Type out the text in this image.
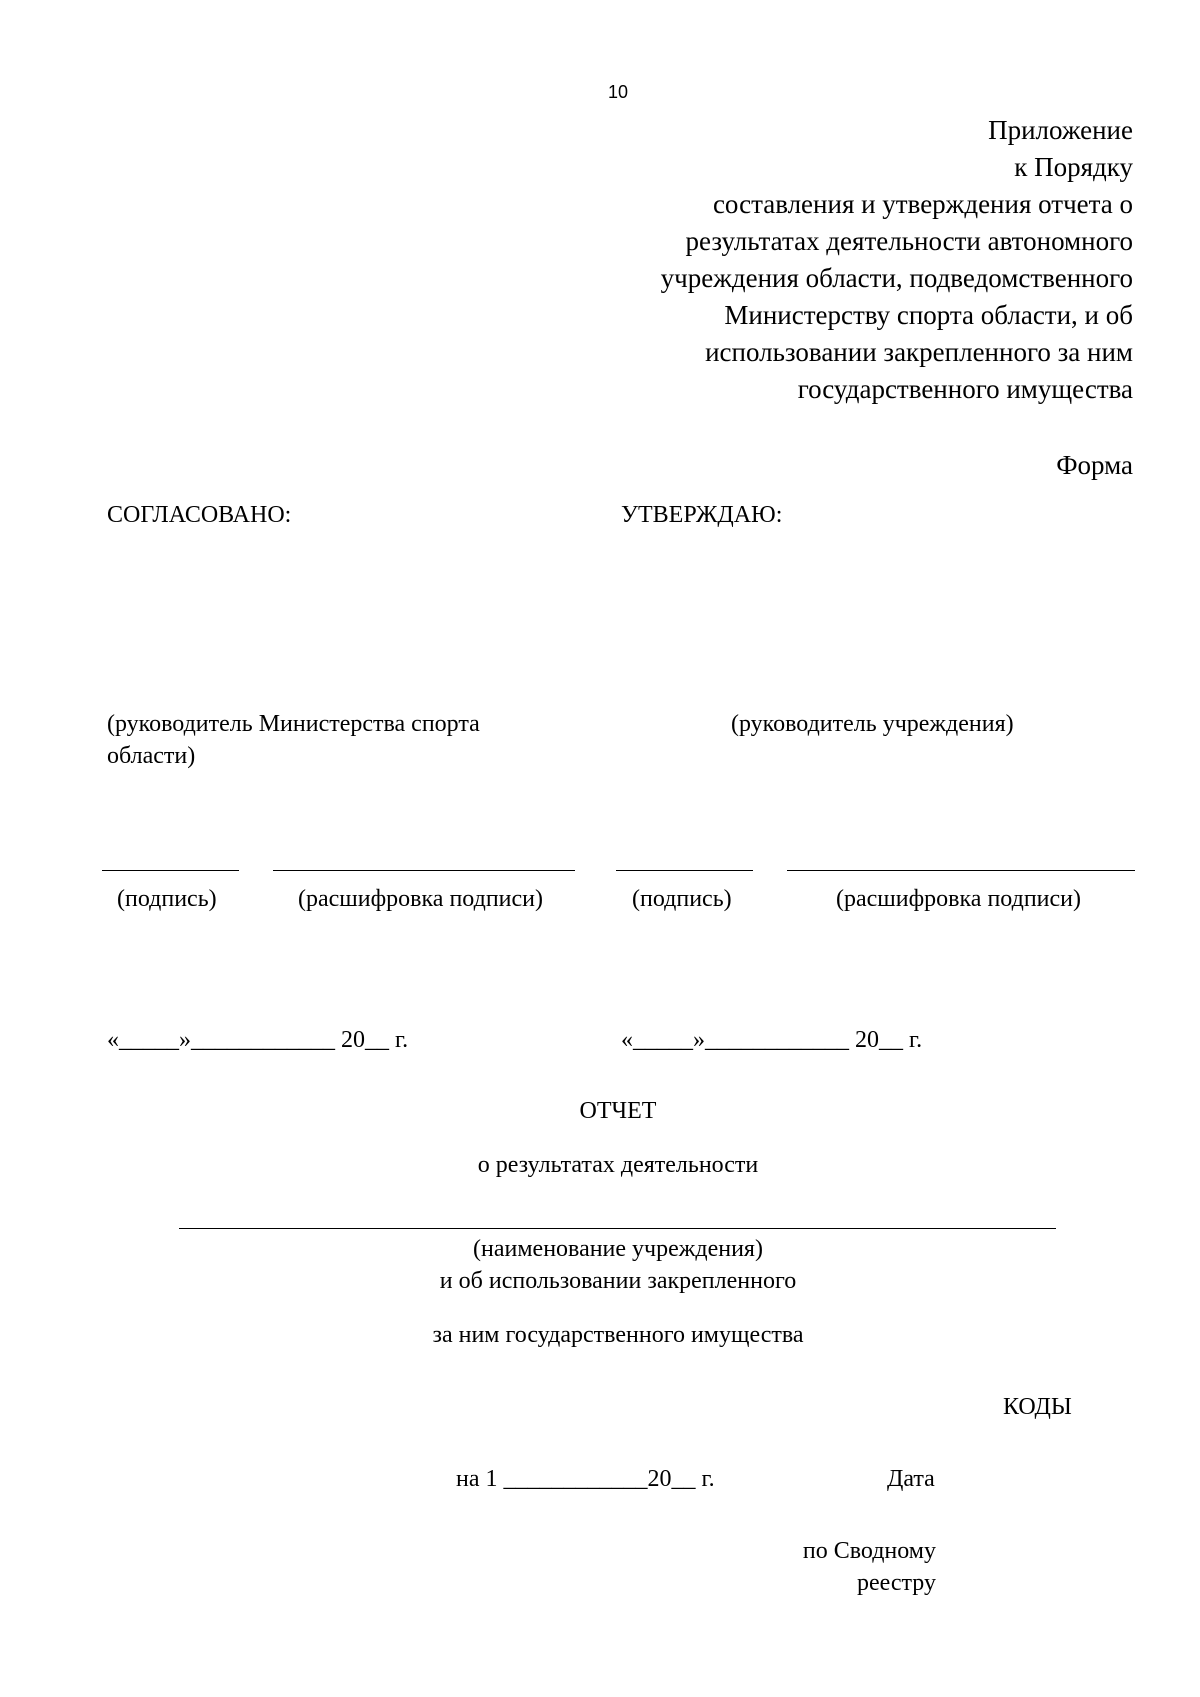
10
Приложение
к Порядку
составления и утверждения отчета о
результатах деятельности автономного
учреждения области, подведомственного
Министерству спорта области, и об
использовании закрепленного за ним
государственного имущества
Форма
СОГЛАСОВАНО:	УТВЕРЖДАЮ:
(руководитель Министерства спорта
области)
(руководитель учреждения)
(подпись)	(расшифровка подписи)	(подпись)	(расшифровка подписи)
«_____»____________ 20__ г.	«_____»____________ 20__ г.
ОТЧЕТ
о результатах деятельности
(наименование учреждения)
и об использовании закрепленного
за ним государственного имущества
КОДЫ
на 1 ____________20__ г.	Дата
по Сводному
реестру
